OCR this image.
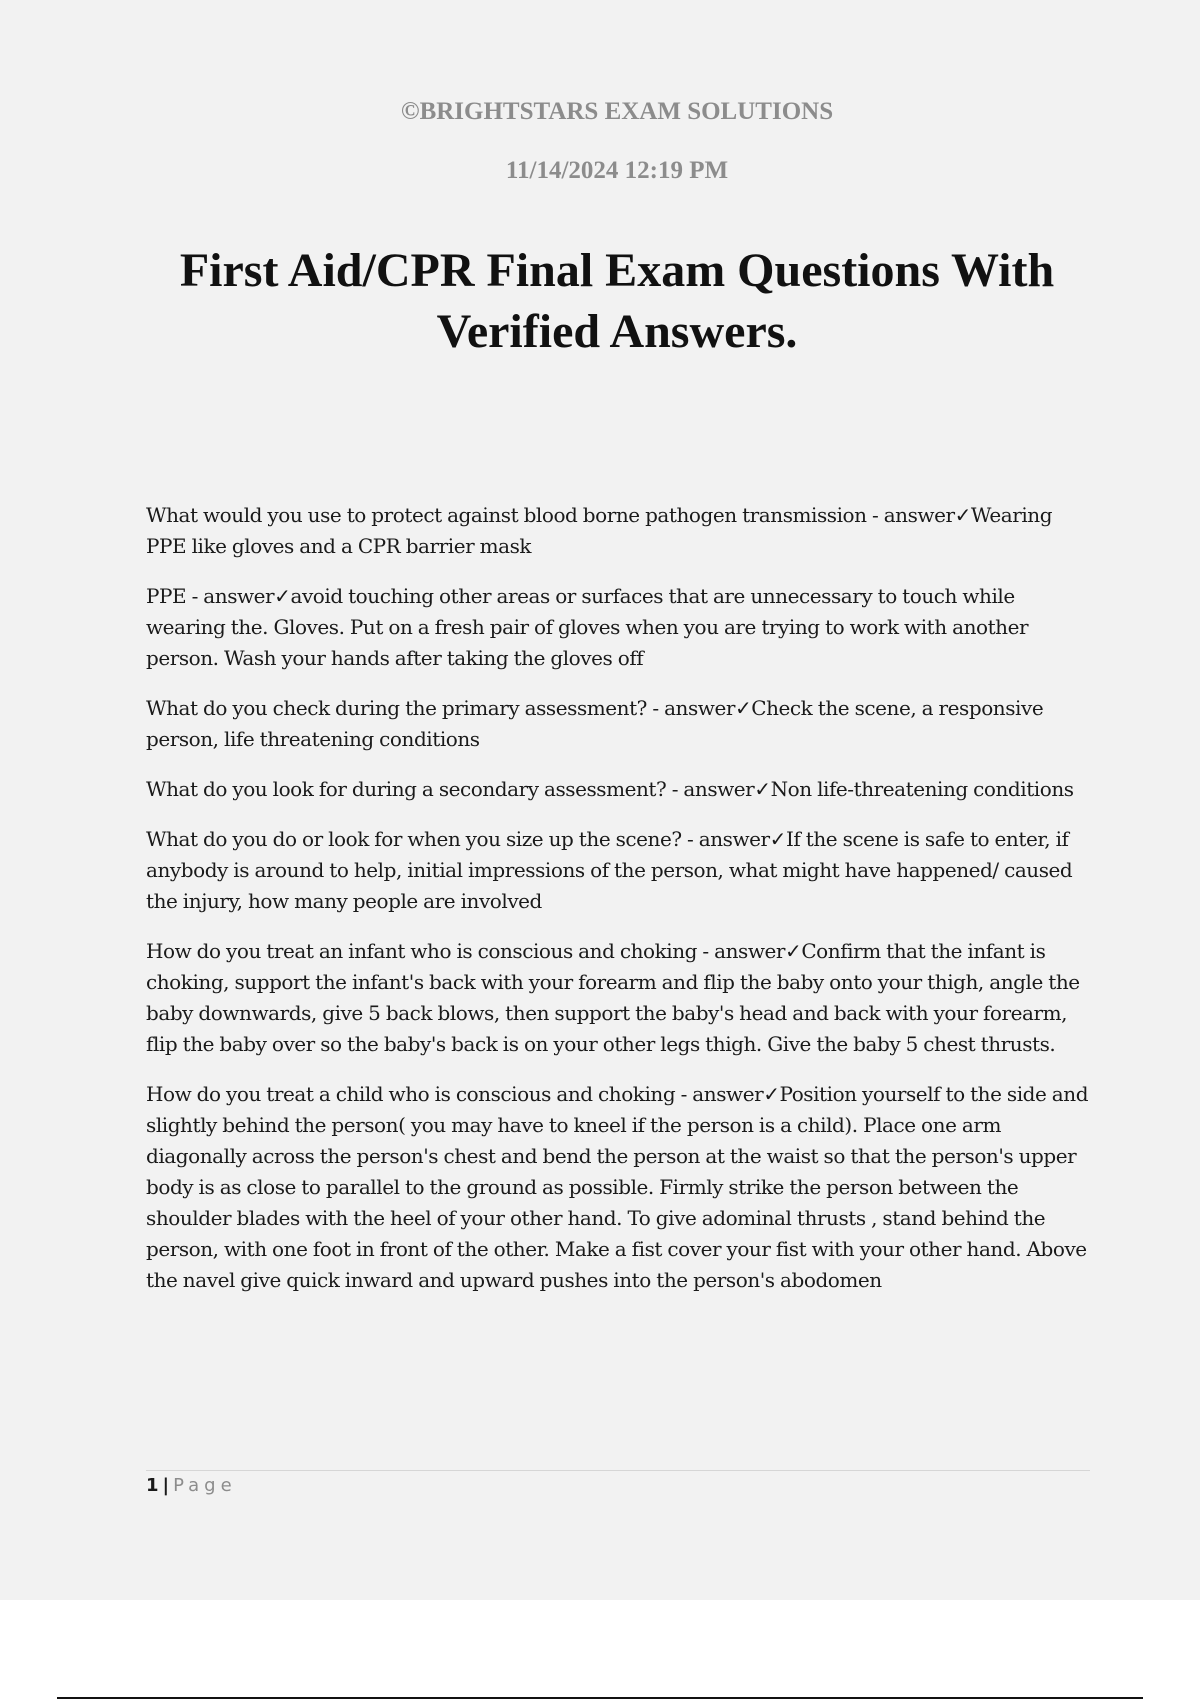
©BRIGHTSTARS EXAM SOLUTIONS

11/14/2024 12:19 PM

First Aid/CPR Final Exam Questions With Verified Answers.
What would you use to protect against blood borne pathogen transmission - answer✓Wearing PPE like gloves and a CPR barrier mask
PPE - answer✓avoid touching other areas or surfaces that are unnecessary to touch while wearing the. Gloves. Put on a fresh pair of gloves when you are trying to work with another person. Wash your hands after taking the gloves off
What do you check during the primary assessment? - answer✓Check the scene, a responsive person, life threatening conditions
What do you look for during a secondary assessment? - answer✓Non life-threatening conditions
What do you do or look for when you size up the scene? - answer✓If the scene is safe to enter, if anybody is around to help, initial impressions of the person, what might have happened/ caused the injury, how many people are involved
How do you treat an infant who is conscious and choking - answer✓Confirm that the infant is choking, support the infant's back with your forearm and flip the baby onto your thigh, angle the baby downwards, give 5 back blows, then support the baby's head and back with your forearm, flip the baby over so the baby's back is on your other legs thigh. Give the baby 5 chest thrusts.
How do you treat a child who is conscious and choking - answer✓Position yourself to the side and slightly behind the person( you may have to kneel if the person is a child). Place one arm diagonally across the person's chest and bend the person at the waist so that the person's upper body is as close to parallel to the ground as possible. Firmly strike the person between the shoulder blades with the heel of your other hand. To give adominal thrusts , stand behind the person, with one foot in front of the other. Make a fist cover your fist with your other hand. Above the navel give quick inward and upward pushes into the person's abodomen

1 | Page
